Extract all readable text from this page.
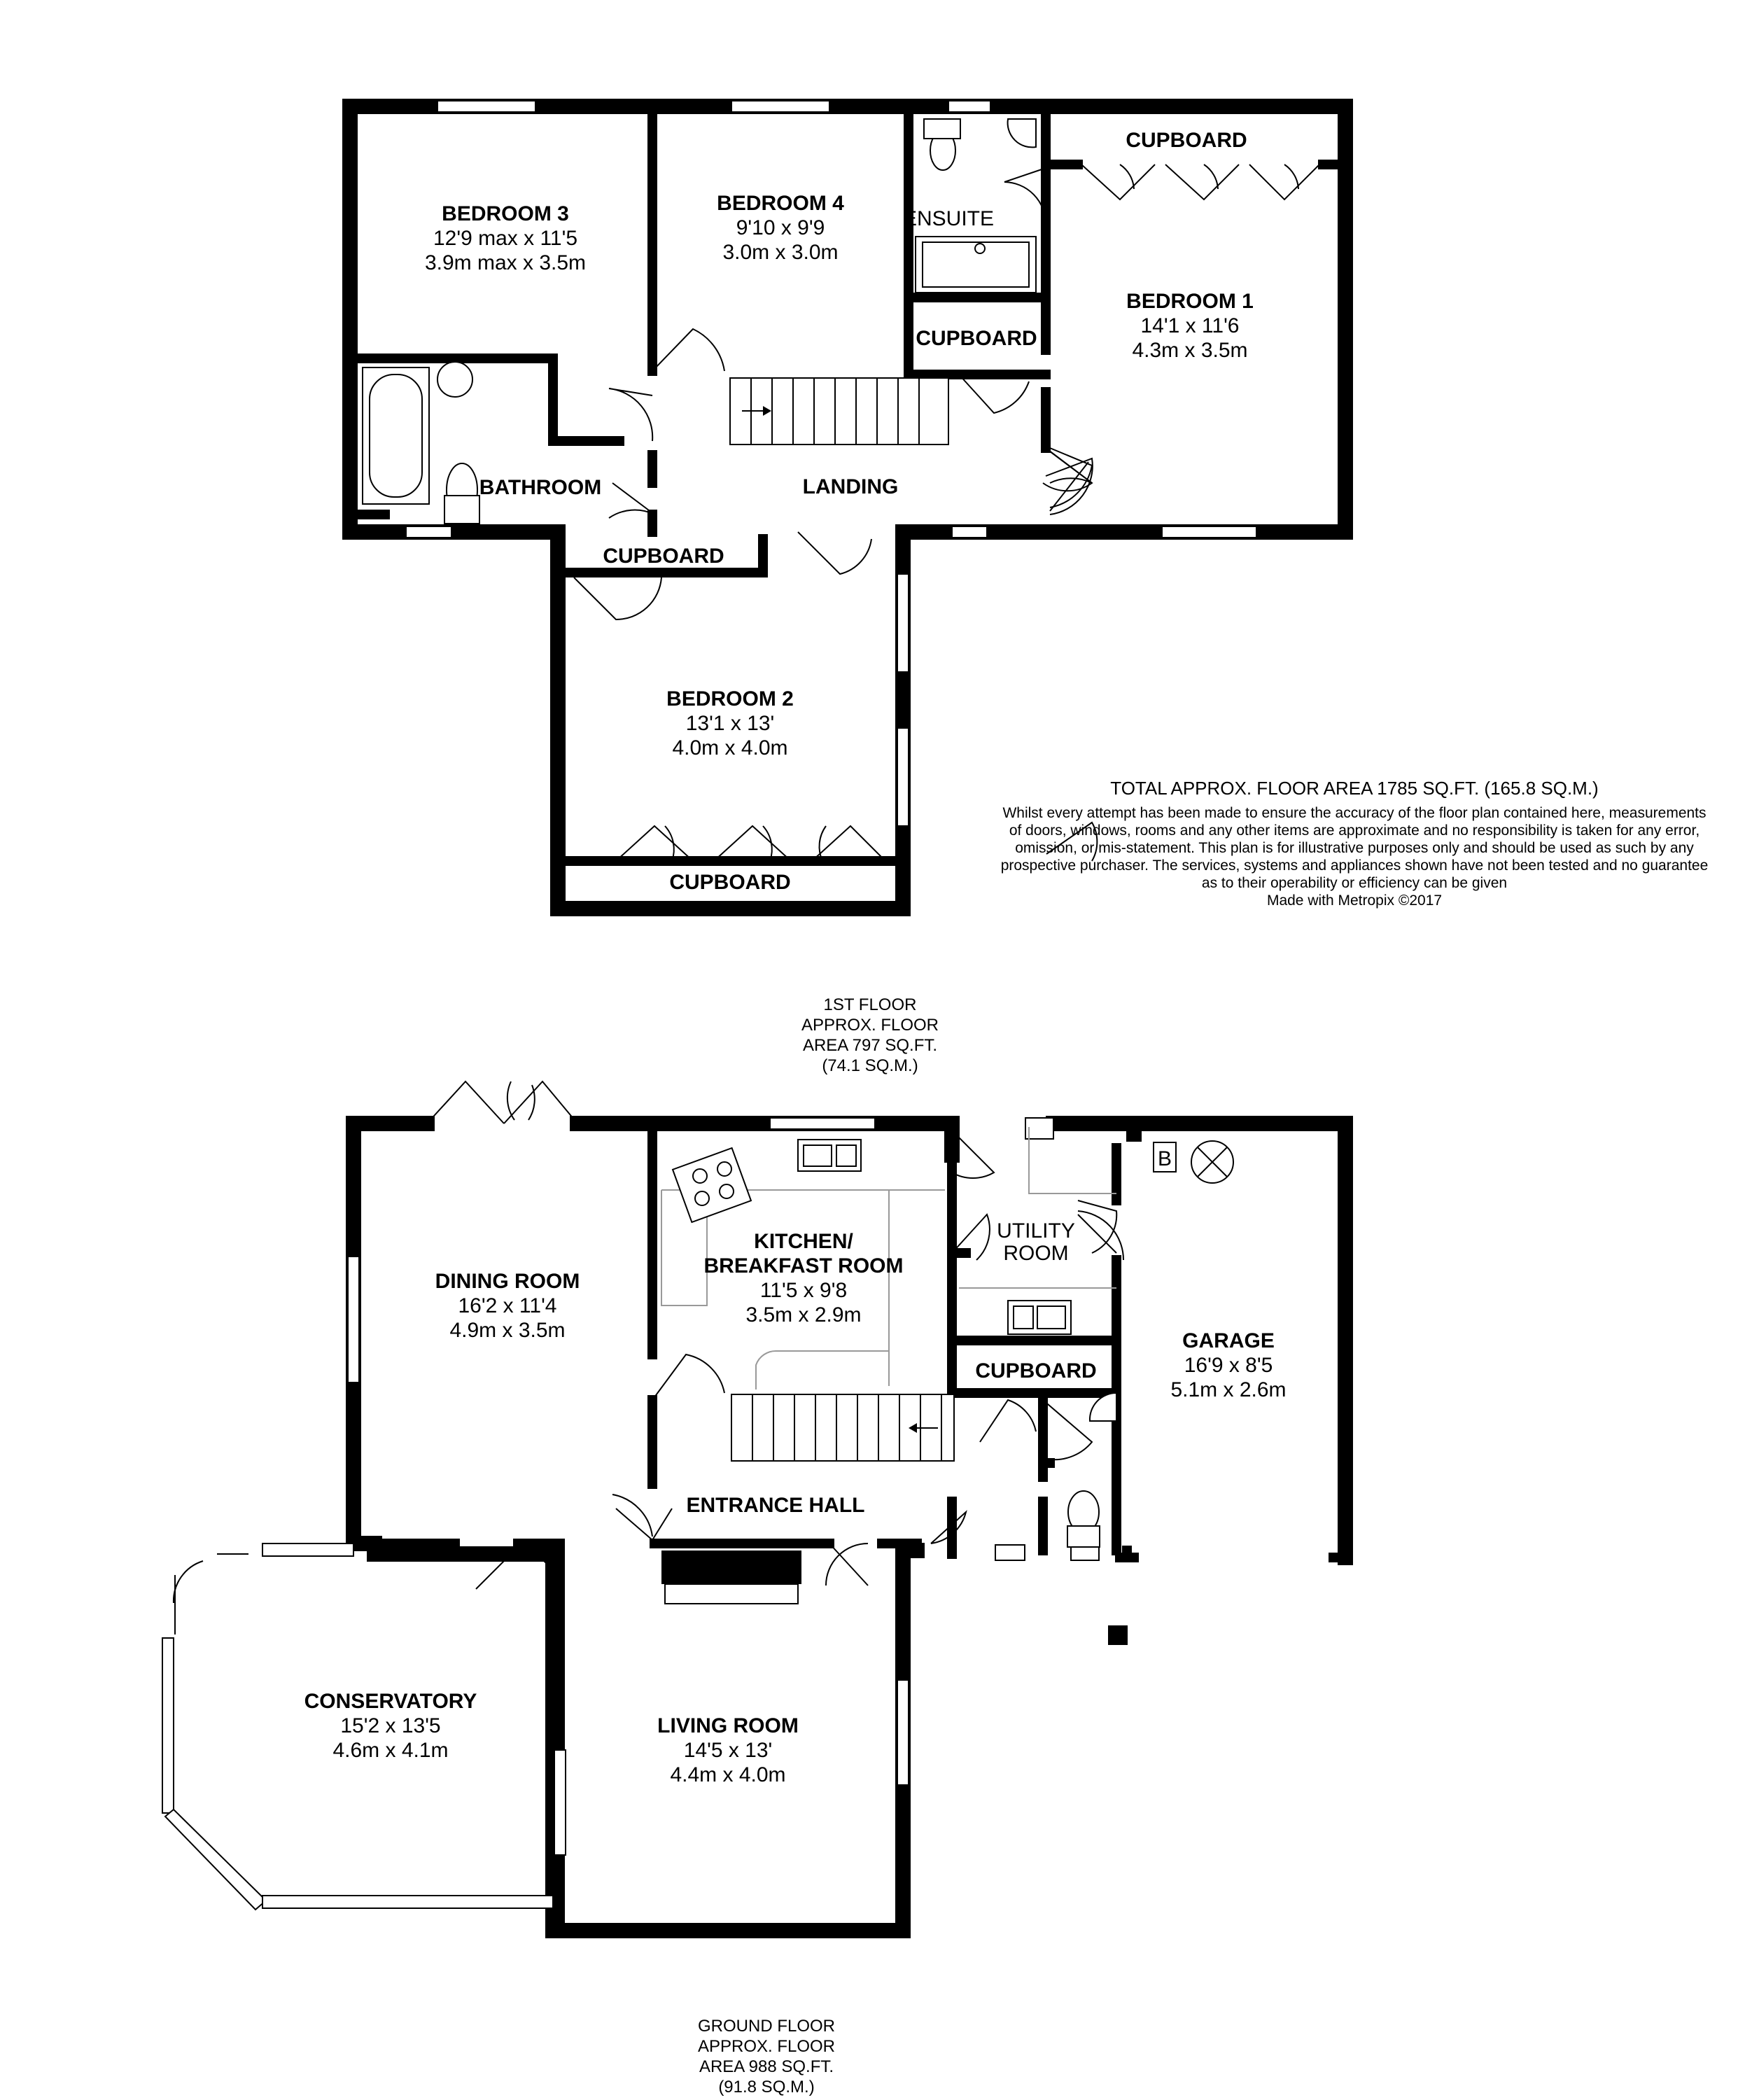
BEDROOM 3
12'9 max x 11'5
3.9m max x 3.5m
BEDROOM 4
9'10 x 9'9
3.0m x 3.0m
BEDROOM 1
14'1 x 11'6
4.3m x 3.5m
BEDROOM 2
13'1 x 13'
4.0m x 4.0m
ENSUITE
BATHROOM	LANDING
CUPBOARD
CUPBOARD
CUPBOARD
CUPBOARD
TOTAL APPROX. FLOOR AREA 1785 SQ.FT. (165.8 SQ.M.)
Whilst every attempt has been made to ensure the accuracy of the floor plan contained here, measurements
of doors, windows, rooms and any other items are approximate and no responsibility is taken for any error,
omission, or mis-statement. This plan is for illustrative purposes only and should be used as such by any
prospective purchaser. The services, systems and appliances shown have not been tested and no guarantee
as to their operability or efficiency can be given
Made with Metropix ©2017
1ST FLOOR
APPROX. FLOOR
AREA 797 SQ.FT.
(74.1 SQ.M.)
B
DINING ROOM
16'2 x 11'4
4.9m x 3.5m
KITCHEN/
BREAKFAST ROOM
11'5 x 9'8
3.5m x 2.9m
UTILITY
ROOM
GARAGE
16'9 x 8'5
5.1m x 2.6m
CUPBOARD
ENTRANCE HALL
CONSERVATORY
15'2 x 13'5
4.6m x 4.1m
LIVING ROOM
14'5 x 13'
4.4m x 4.0m
GROUND FLOOR
APPROX. FLOOR
AREA 988 SQ.FT.
(91.8 SQ.M.)
